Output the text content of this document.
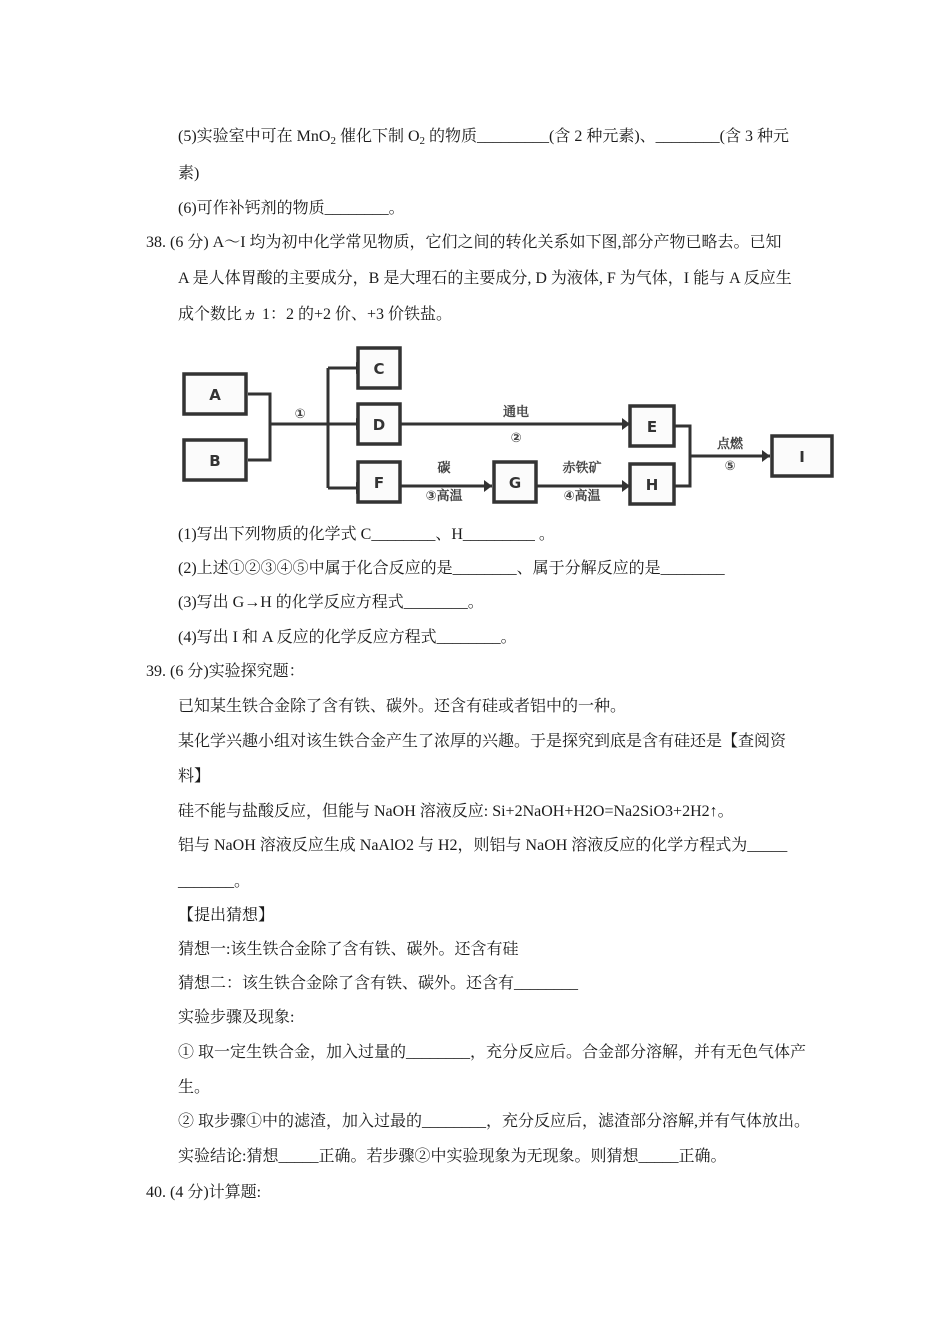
(5)实验室中可在 MnO$_2$ 催化下制 $O_2$ 的物质_________(含 2 种元素)、________(含 3 种元
素)
(6)可作补钙剂的物质________。
38. (6 分) A～I 均为初中化学常见物质，它们之间的转化关系如下图,部分产物已略去。已知
A 是人体胃酸的主要成分，B 是大理石的主要成分, D 为液体, F 为气体，I 能与 A 反应生
成个数比ヵ 1：2 的+2 价、+3 价铁盐。
A
B
C
D	E
F	G	H
I
①	通电
②
碳
③高温
赤铁矿
④高温
点燃
⑤
(1)写出下列物质的化学式 C________、H_________ 。
(2)上述①②③④⑤中属于化合反应的是________、属于分解反应的是________
(3)写出 G→H 的化学反应方程式________。
(4)写出 I 和 A 反应的化学反应方程式________。
39. (6 分)实验探究题：
已知某生铁合金除了含有铁、碳外。还含有硅或者铝中的一种。
某化学兴趣小组对该生铁合金产生了浓厚的兴趣。于是探究到底是含有硅还是【查阅资
料】
硅不能与盐酸反应，但能与 NaOH 溶液反应: Si+2NaOH+H2O=Na2SiO3+2H2↑。
铝与 NaOH 溶液反应生成 NaAlO2 与 H2，则铝与 NaOH 溶液反应的化学方程式为_____
_______。
【提出猜想】
猜想一:该生铁合金除了含有铁、碳外。还含有硅
猜想二：该生铁合金除了含有铁、碳外。还含有________
实验步骤及现象:
① 取一定生铁合金，加入过量的________，充分反应后。合金部分溶解，并有无色气体产
生。
② 取步骤①中的滤渣，加入过最的________，充分反应后，滤渣部分溶解,并有气体放出。
实验结论:猜想_____正确。若步骤②中实验现象为无现象。则猜想_____正确。
40. (4 分)计算题:
